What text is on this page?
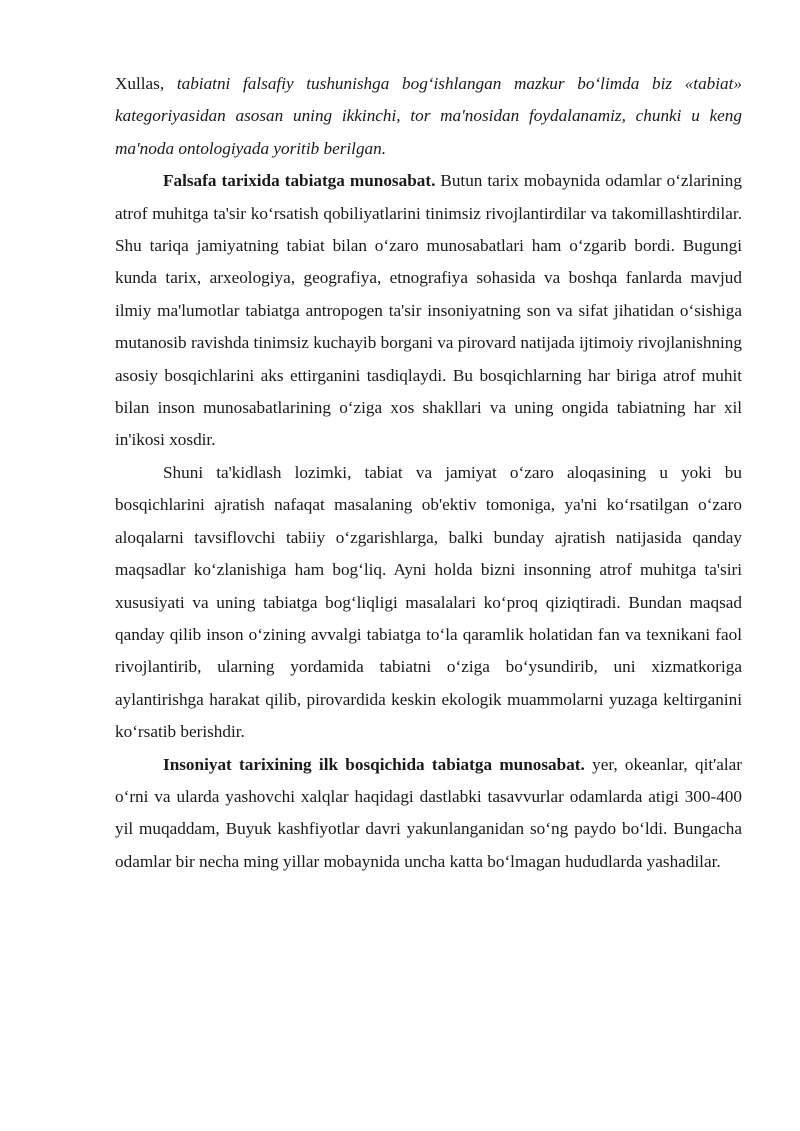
Xullas, tabiatni falsafiy tushunishga bog‘ishlangan mazkur bo‘limda biz «tabiat» kategoriyasidan asosan uning ikkinchi, tor ma'nosidan foydalanamiz, chunki u keng ma'noda ontologiyada yoritib berilgan.

Falsafa tarixida tabiatga munosabat. Butun tarix mobaynida odamlar o‘zlarining atrof muhitga ta'sir ko‘rsatish qobiliyatlarini tinimsiz rivojlantirdilar va takomillashtirdilar. Shu tariqa jamiyatning tabiat bilan o‘zaro munosabatlari ham o‘zgarib bordi. Bugungi kunda tarix, arxeologiya, geografiya, etnografiya sohasida va boshqa fanlarda mavjud ilmiy ma'lumotlar tabiatga antropogen ta'sir insoniyatning son va sifat jihatidan o‘sishiga mutanosib ravishda tinimsiz kuchayib borgani va pirovard natijada ijtimoiy rivojlanishning asosiy bosqichlarini aks ettirganini tasdiqlaydi. Bu bosqichlarning har biriga atrof muhit bilan inson munosabatlarining o‘ziga xos shakllari va uning ongida tabiatning har xil in'ikosi xosdir.

Shuni ta'kidlash lozimki, tabiat va jamiyat o‘zaro aloqasining u yoki bu bosqichlarini ajratish nafaqat masalaning ob'ektiv tomoniga, ya'ni ko‘rsatilgan o‘zaro aloqalarni tavsiflovchi tabiiy o‘zgarishlarga, balki bunday ajratish natijasida qanday maqsadlar ko‘zlanishiga ham bog‘liq. Ayni holda bizni insonning atrof muhitga ta'siri xususiyati va uning tabiatga bog‘liqligi masalalari ko‘proq qiziqtiradi. Bundan maqsad qanday qilib inson o‘zining avvalgi tabiatga to‘la qaramlik holatidan fan va texnikani faol rivojlantirib, ularning yordamida tabiatni o‘ziga bo‘ysundirib, uni xizmatkoriga aylantirishga harakat qilib, pirovardida keskin ekologik muammolarni yuzaga keltirganini ko‘rsatib berishdir.

Insoniyat tarixining ilk bosqichida tabiatga munosabat. yer, okeanlar, qit'alar o‘rni va ularda yashovchi xalqlar haqidagi dastlabki tasavvurlar odamlarda atigi 300-400 yil muqaddam, Buyuk kashfiyotlar davri yakunlanganidan so‘ng paydo bo‘ldi. Bungacha odamlar bir necha ming yillar mobaynida uncha katta bo‘lmagan hududlarda yashadilar.
